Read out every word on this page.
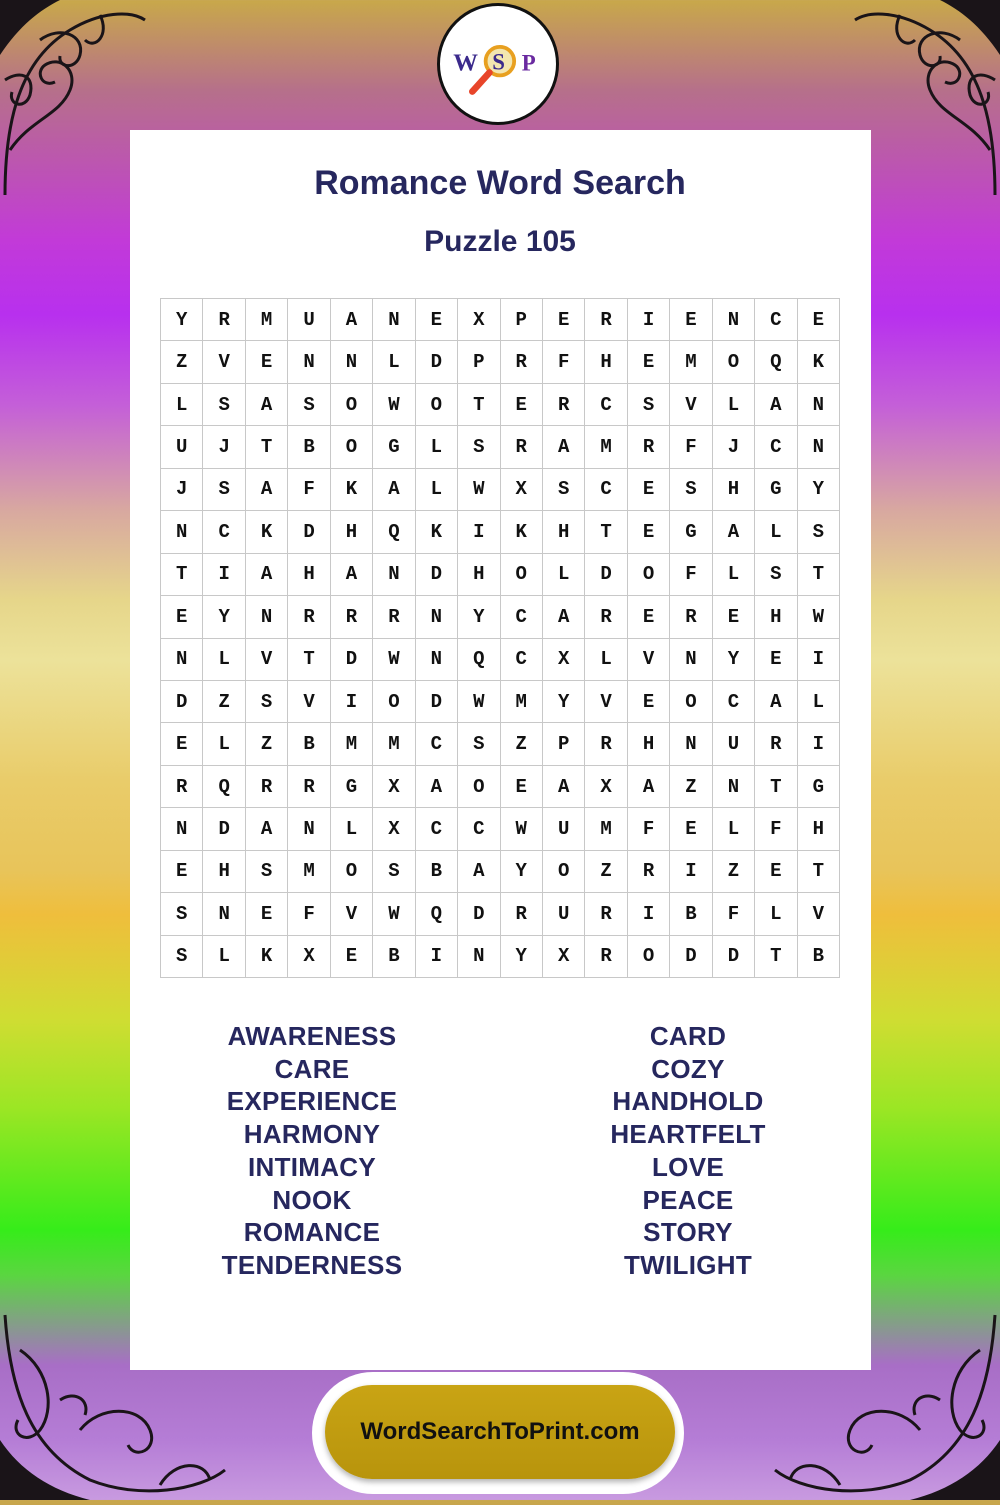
W S P
Romance Word Search
Puzzle 105
Y	R	M	U	A	N	E	X	P	E	R	I	E	N	C	E
Z	V	E	N	N	L	D	P	R	F	H	E	M	O	Q	K
L	S	A	S	O	W	O	T	E	R	C	S	V	L	A	N
U	J	T	B	O	G	L	S	R	A	M	R	F	J	C	N
J	S	A	F	K	A	L	W	X	S	C	E	S	H	G	Y
N	C	K	D	H	Q	K	I	K	H	T	E	G	A	L	S
T	I	A	H	A	N	D	H	O	L	D	O	F	L	S	T
E	Y	N	R	R	R	N	Y	C	A	R	E	R	E	H	W
N	L	V	T	D	W	N	Q	C	X	L	V	N	Y	E	I
D	Z	S	V	I	O	D	W	M	Y	V	E	O	C	A	L
E	L	Z	B	M	M	C	S	Z	P	R	H	N	U	R	I
R	Q	R	R	G	X	A	O	E	A	X	A	Z	N	T	G
N	D	A	N	L	X	C	C	W	U	M	F	E	L	F	H
E	H	S	M	O	S	B	A	Y	O	Z	R	I	Z	E	T
S	N	E	F	V	W	Q	D	R	U	R	I	B	F	L	V
S	L	K	X	E	B	I	N	Y	X	R	O	D	D	T	B
AWARENESS
CARE
EXPERIENCE
HARMONY
INTIMACY
NOOK
ROMANCE
TENDERNESS
CARD
COZY
HANDHOLD
HEARTFELT
LOVE
PEACE
STORY
TWILIGHT
WordSearchToPrint.com
